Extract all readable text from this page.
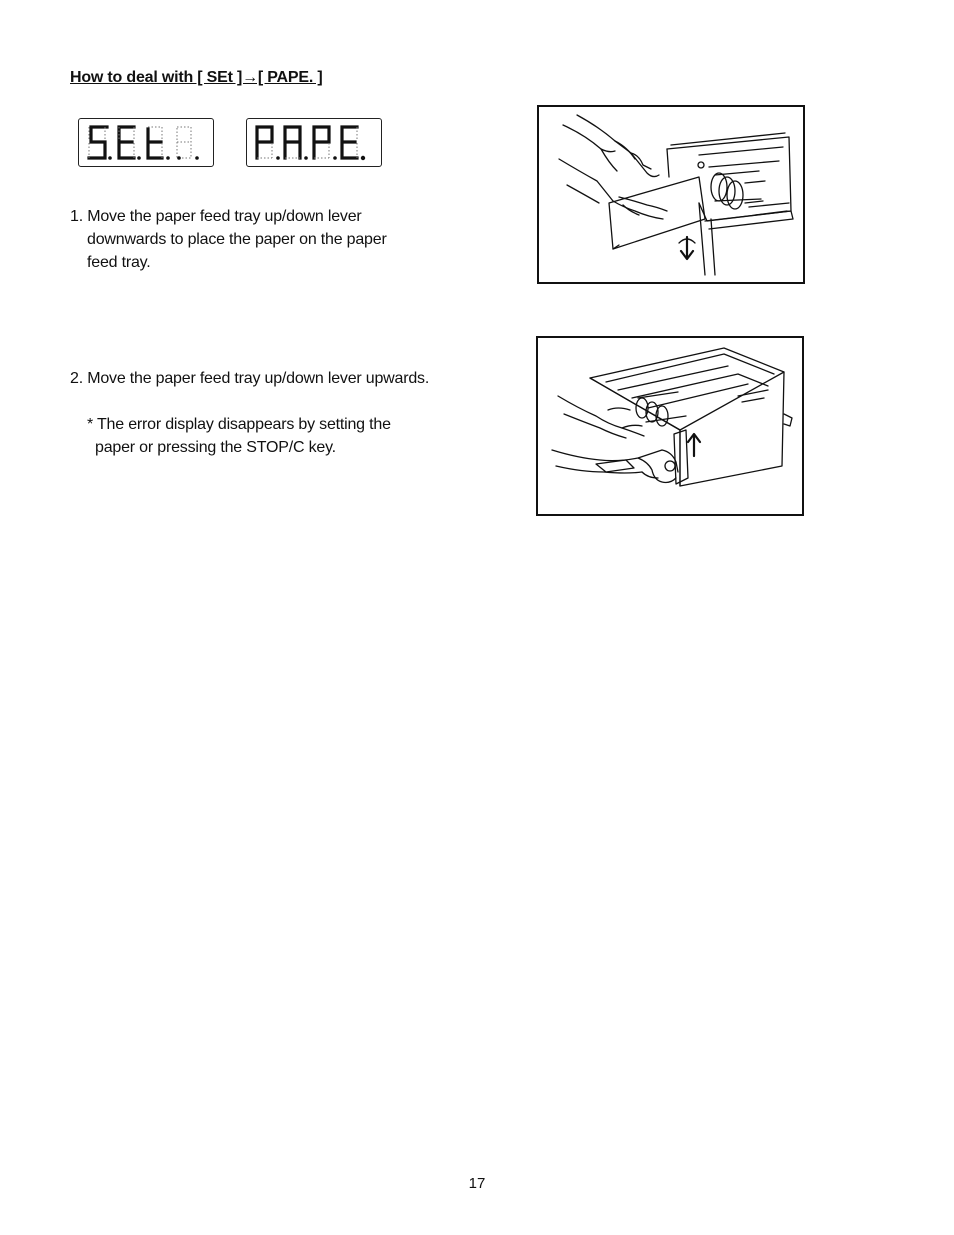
How to deal with [ SEt ]→[ PAPE. ]

1. Move the paper feed tray up/down lever
downwards to place the paper on the paper
feed tray.

2. Move the paper feed tray up/down lever upwards.

* The error display disappears by setting the
paper or pressing the STOP/C key.

17
